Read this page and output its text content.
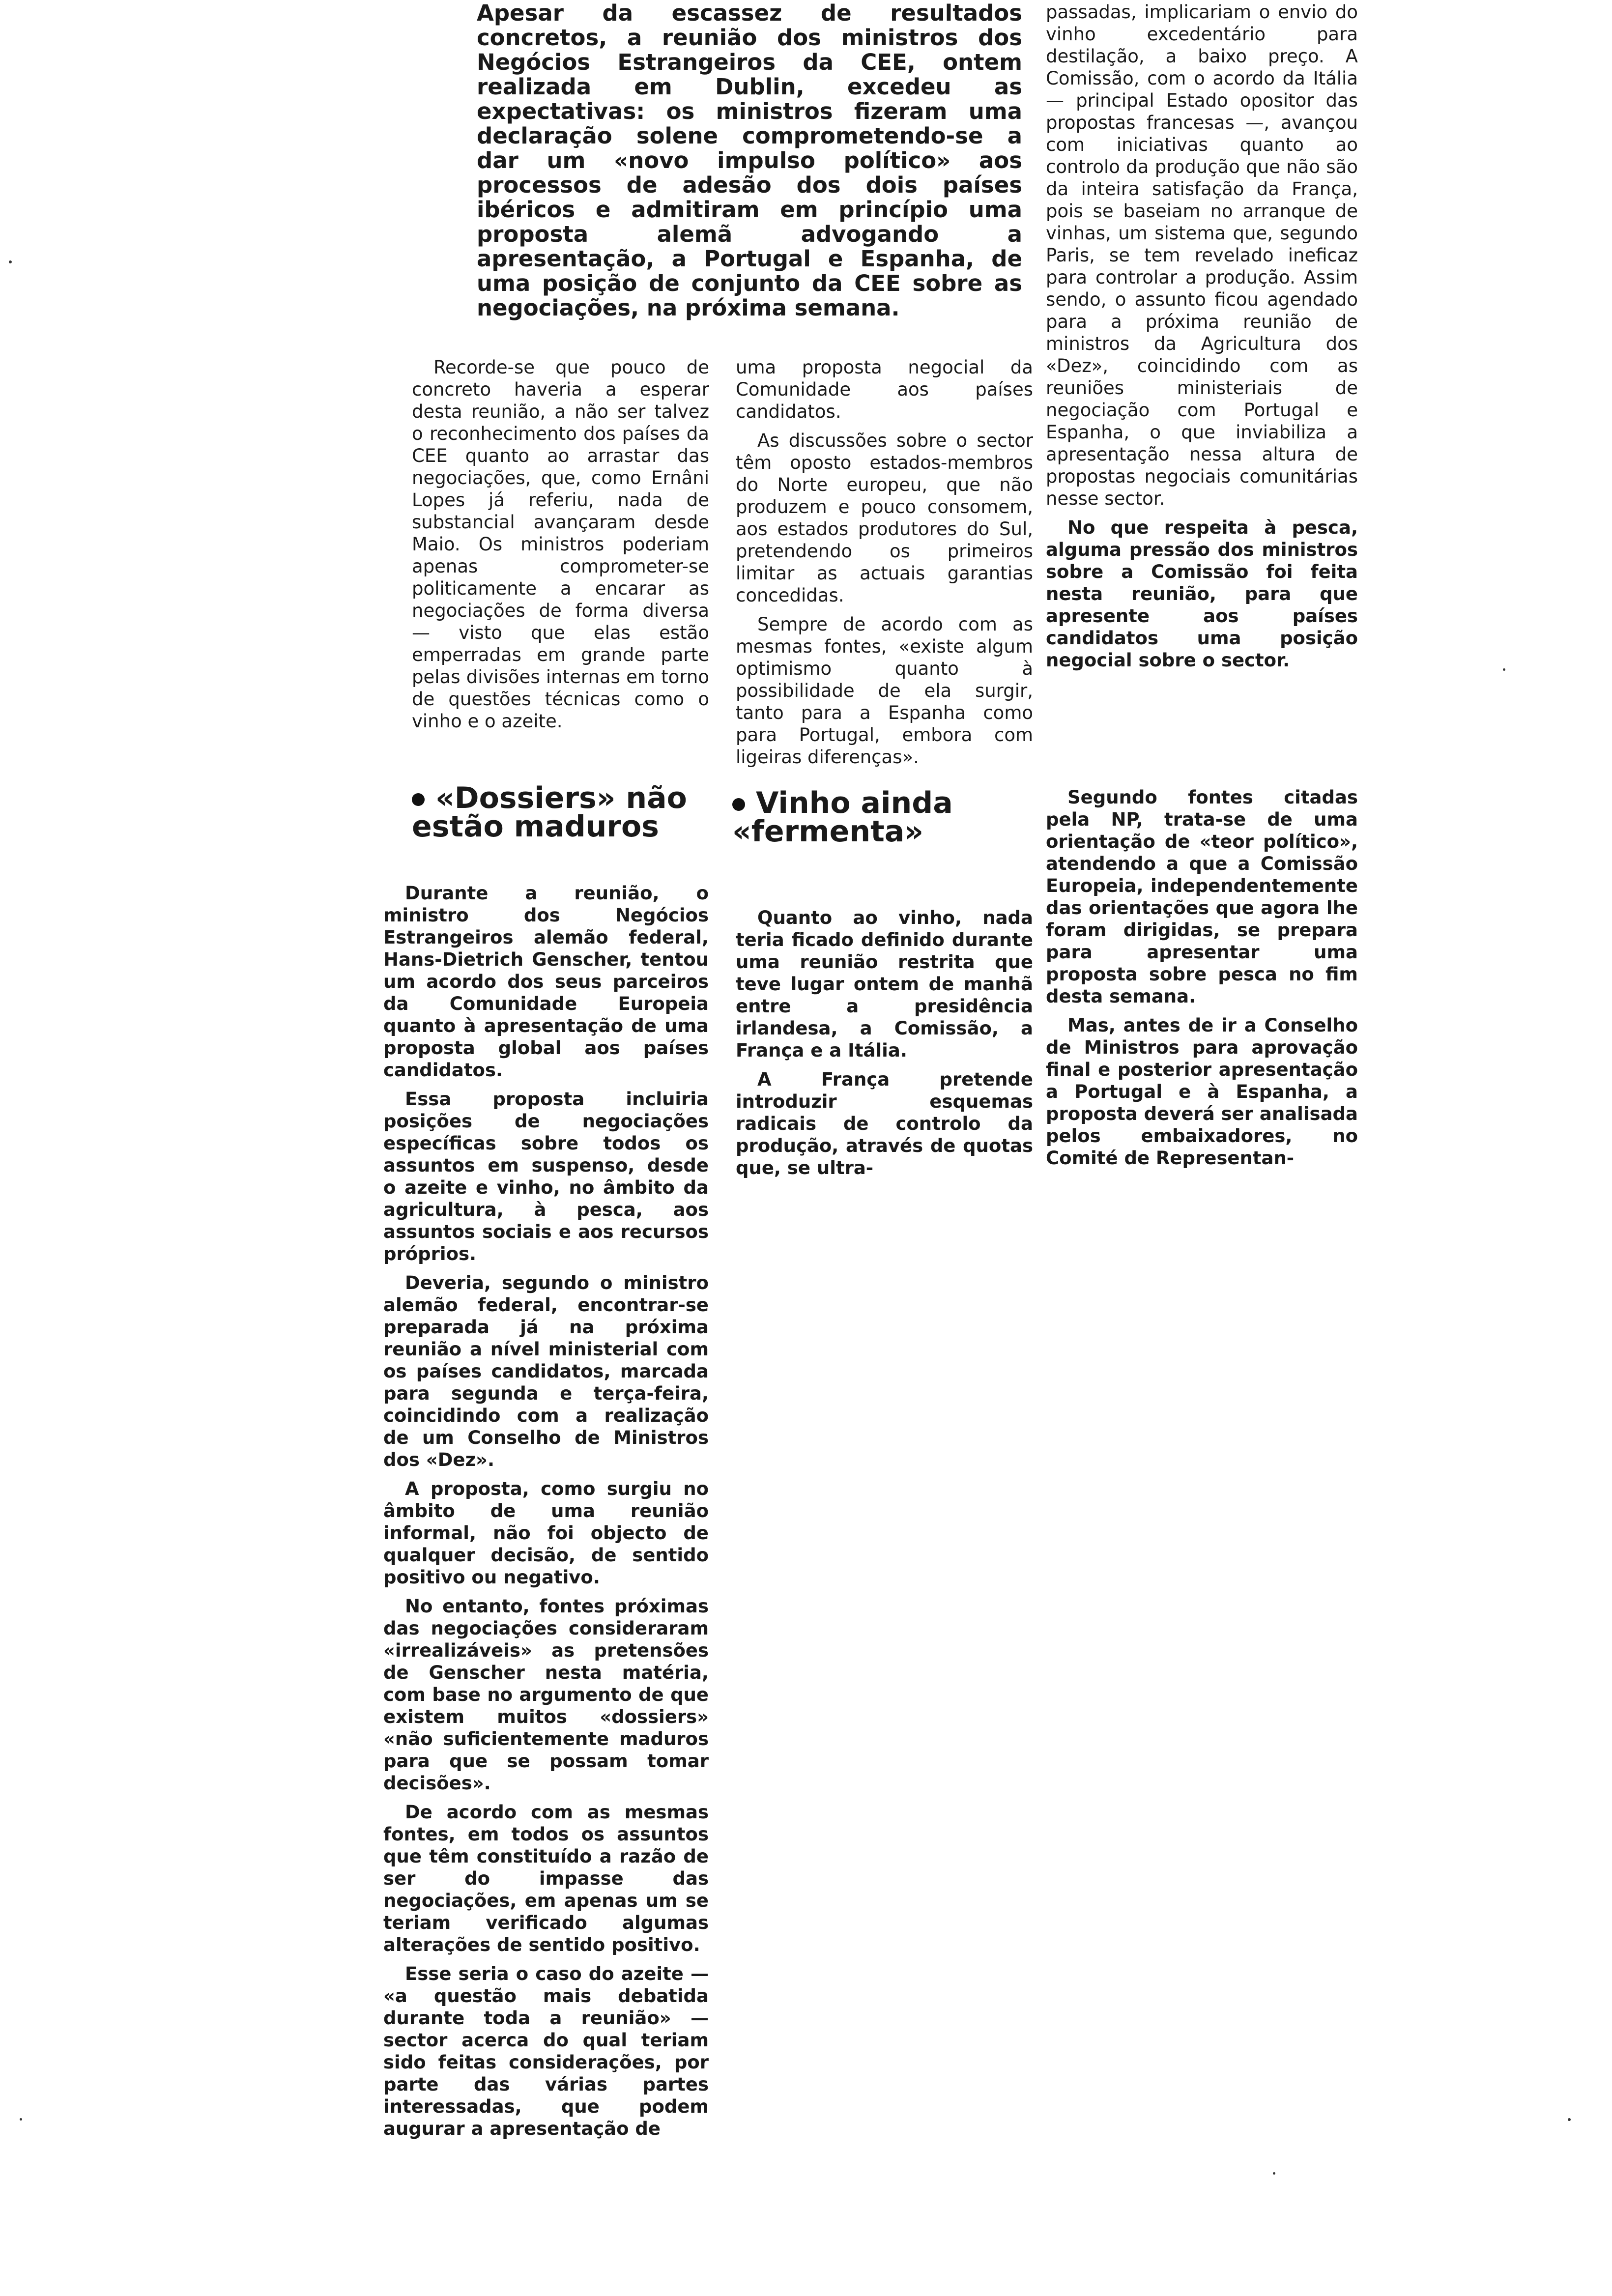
Apesar da escassez de resultados concretos, a reunião dos ministros dos Negócios Estrangeiros da CEE, ontem realizada em Dublin, excedeu as expectativas: os ministros fizeram uma declaração solene comprometendo-se a dar um «novo impulso político» aos processos de adesão dos dois países ibéricos e admitiram em princípio uma proposta alemã advogando a apresentação, a Portugal e Espanha, de uma posição de conjunto da CEE sobre as negociações, na próxima semana.

Recorde-se que pouco de concreto haveria a esperar desta reunião, a não ser talvez o reconhecimento dos países da CEE quanto ao arrastar das negociações, que, como Ernâni Lopes já referiu, nada de substancial avançaram desde Maio. Os ministros poderiam apenas comprometer-se politicamente a encarar as negociações de forma diversa — visto que elas estão emperradas em grande parte pelas divisões internas em torno de questões técnicas como o vinho e o azeite.

uma proposta negocial da Comunidade aos países candidatos.

As discussões sobre o sector têm oposto estados-membros do Norte europeu, que não produzem e pouco consomem, aos estados produtores do Sul, pretendendo os primeiros limitar as actuais garantias concedidas.

Sempre de acordo com as mesmas fontes, «existe algum optimismo quanto à possibilidade de ela surgir, tanto para a Espanha como para Portugal, embora com ligeiras diferenças».

passadas, implicariam o envio do vinho excedentário para destilação, a baixo preço. A Comissão, com o acordo da Itália — principal Estado opositor das propostas francesas —, avançou com iniciativas quanto ao controlo da produção que não são da inteira satisfação da França, pois se baseiam no arranque de vinhas, um sistema que, segundo Paris, se tem revelado ineficaz para controlar a produção. Assim sendo, o assunto ficou agendado para a próxima reunião de ministros da Agricultura dos «Dez», coincidindo com as reuniões ministeriais de negociação com Portugal e Espanha, o que inviabiliza a apresentação nessa altura de propostas negociais comunitárias nesse sector.

No que respeita à pesca, alguma pressão dos ministros sobre a Comissão foi feita nesta reunião, para que apresente aos países candidatos uma posição negocial sobre o sector.

«Dossiers» não estão maduros
Vinho ainda «fermenta»

Durante a reunião, o ministro dos Negócios Estrangeiros alemão federal, Hans-Dietrich Genscher, tentou um acordo dos seus parceiros da Comunidade Europeia quanto à apresentação de uma proposta global aos países candidatos.

Essa proposta incluiria posições de negociações específicas sobre todos os assuntos em suspenso, desde o azeite e vinho, no âmbito da agricultura, à pesca, aos assuntos sociais e aos recursos próprios.

Deveria, segundo o ministro alemão federal, encontrar-se preparada já na próxima reunião a nível ministerial com os países candidatos, marcada para segunda e terça-feira, coincidindo com a realização de um Conselho de Ministros dos «Dez».

A proposta, como surgiu no âmbito de uma reunião informal, não foi objecto de qualquer decisão, de sentido positivo ou negativo.

No entanto, fontes próximas das negociações consideraram «irrealizáveis» as pretensões de Genscher nesta matéria, com base no argumento de que existem muitos «dossiers» «não suficientemente maduros para que se possam tomar decisões».

De acordo com as mesmas fontes, em todos os assuntos que têm constituído a razão de ser do impasse das negociações, em apenas um se teriam verificado algumas alterações de sentido positivo.

Esse seria o caso do azeite — «a questão mais debatida durante toda a reunião» — sector acerca do qual teriam sido feitas considerações, por parte das várias partes interessadas, que podem augurar a apresentação de

Quanto ao vinho, nada teria ficado definido durante uma reunião restrita que teve lugar ontem de manhã entre a presidência irlandesa, a Comissão, a França e a Itália.

A França pretende introduzir esquemas radicais de controlo da produção, através de quotas que, se ultra-

Segundo fontes citadas pela NP, trata-se de uma orientação de «teor político», atendendo a que a Comissão Europeia, independentemente das orientações que agora lhe foram dirigidas, se prepara para apresentar uma proposta sobre pesca no fim desta semana.

Mas, antes de ir a Conselho de Ministros para aprovação final e posterior apresentação a Portugal e à Espanha, a proposta deverá ser analisada pelos embaixadores, no Comité de Representan-
